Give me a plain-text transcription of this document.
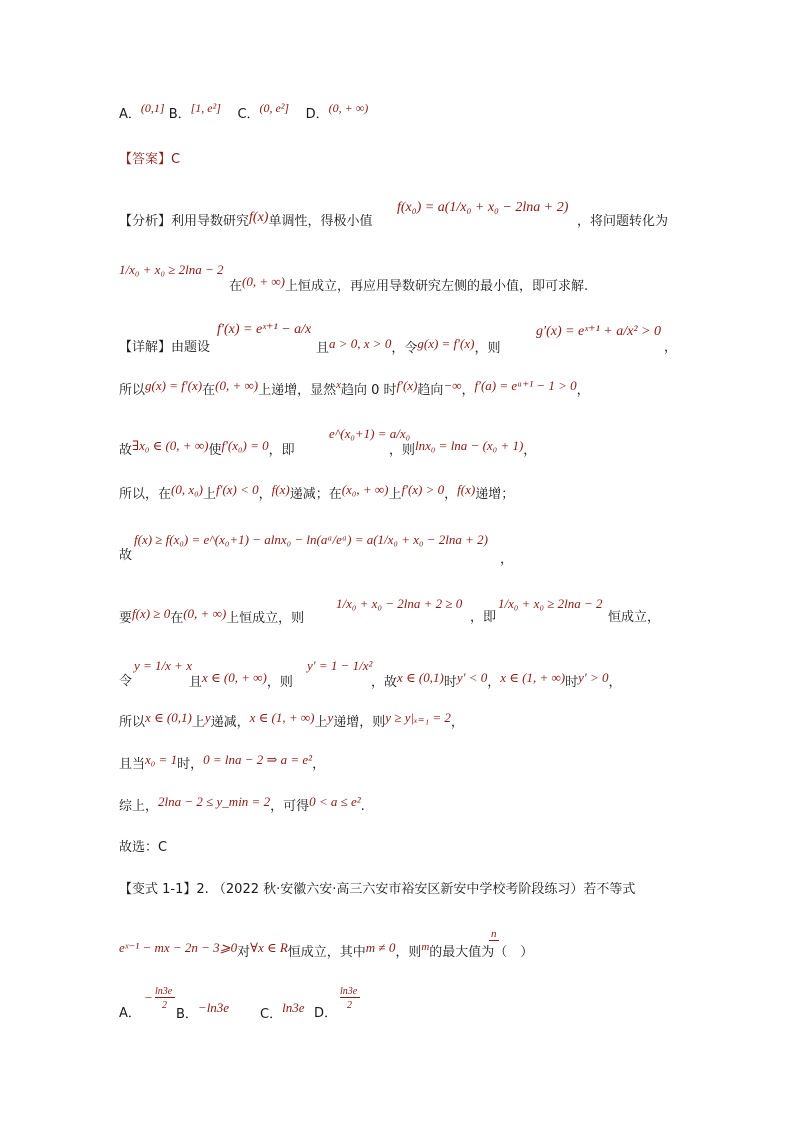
A．(0,1] B．[1, e²] C．(0, e²] D．(0, + ∞)
【答案】C
f(x₀) = a(1/x₀ + x₀ − 2lna + 2)
【分析】利用导数研究f(x)单调性，得极小值	，将问题转化为
1/x₀ + x₀ ≥ 2lna − 2
在(0, + ∞)上恒成立，再应用导数研究左侧的最小值，即可求解.
f′(x) = eˣ⁺¹ − a/x	g′(x) = eˣ⁺¹ + a/x² > 0
【详解】由题设	且a > 0, x > 0，令g(x) = f′(x)，则	，
所以g(x) = f′(x)在(0, + ∞)上递增，显然$^x$趋向 0 时f′(x)趋向−∞，f′(a) = eᵃ⁺¹ − 1 > 0，
e^(x₀+1) = a/x₀
故∃x₀ ∈ (0, + ∞)使f′(x₀) = 0，即	，则lnx₀ = lna − (x₀ + 1)，
所以，在(0, x₀)上f′(x) < 0，f(x)递减；在(x₀, + ∞)上f′(x) > 0，f(x)递增；
f(x) ≥ f(x₀) = e^(x₀+1) − alnx₀ − ln(aᵃ/eᵃ) = a(1/x₀ + x₀ − 2lna + 2)
故	，
要f(x) ≥ 0在(0, + ∞)上恒成立，则
1/x₀ + x₀ − 2lna + 2 ≥ 0
，即
1/x₀ + x₀ ≥ 2lna − 2
恒成立，
y = 1/x + x
令	且x ∈ (0, + ∞)，则
y′ = 1 − 1/x²
，故x ∈ (0,1)时y′ < 0，x ∈ (1, + ∞)时y′ > 0，
所以x ∈ (0,1)上y递减，x ∈ (1, + ∞)上y递增，则y ≥ y|ₓ₌₁ = 2，
且当x₀ = 1时，0 = lna − 2 ⇒ a = e²，
综上，2lna − 2 ≤ y_min = 2，可得0 < a ≤ e².
故选：C
【变式 1-1】2. （2022 秋·安徽六安·高三六安市裕安区新安中学校考阶段练习）若不等式
n
eˣ⁻¹ − mx − 2n − 3⩾0对∀x ∈ R恒成立，其中m ≠ 0，则$^m$的最大值为（　）
A．
− ln3e
2
B．−ln3e C．ln3e D．
ln3e
2
